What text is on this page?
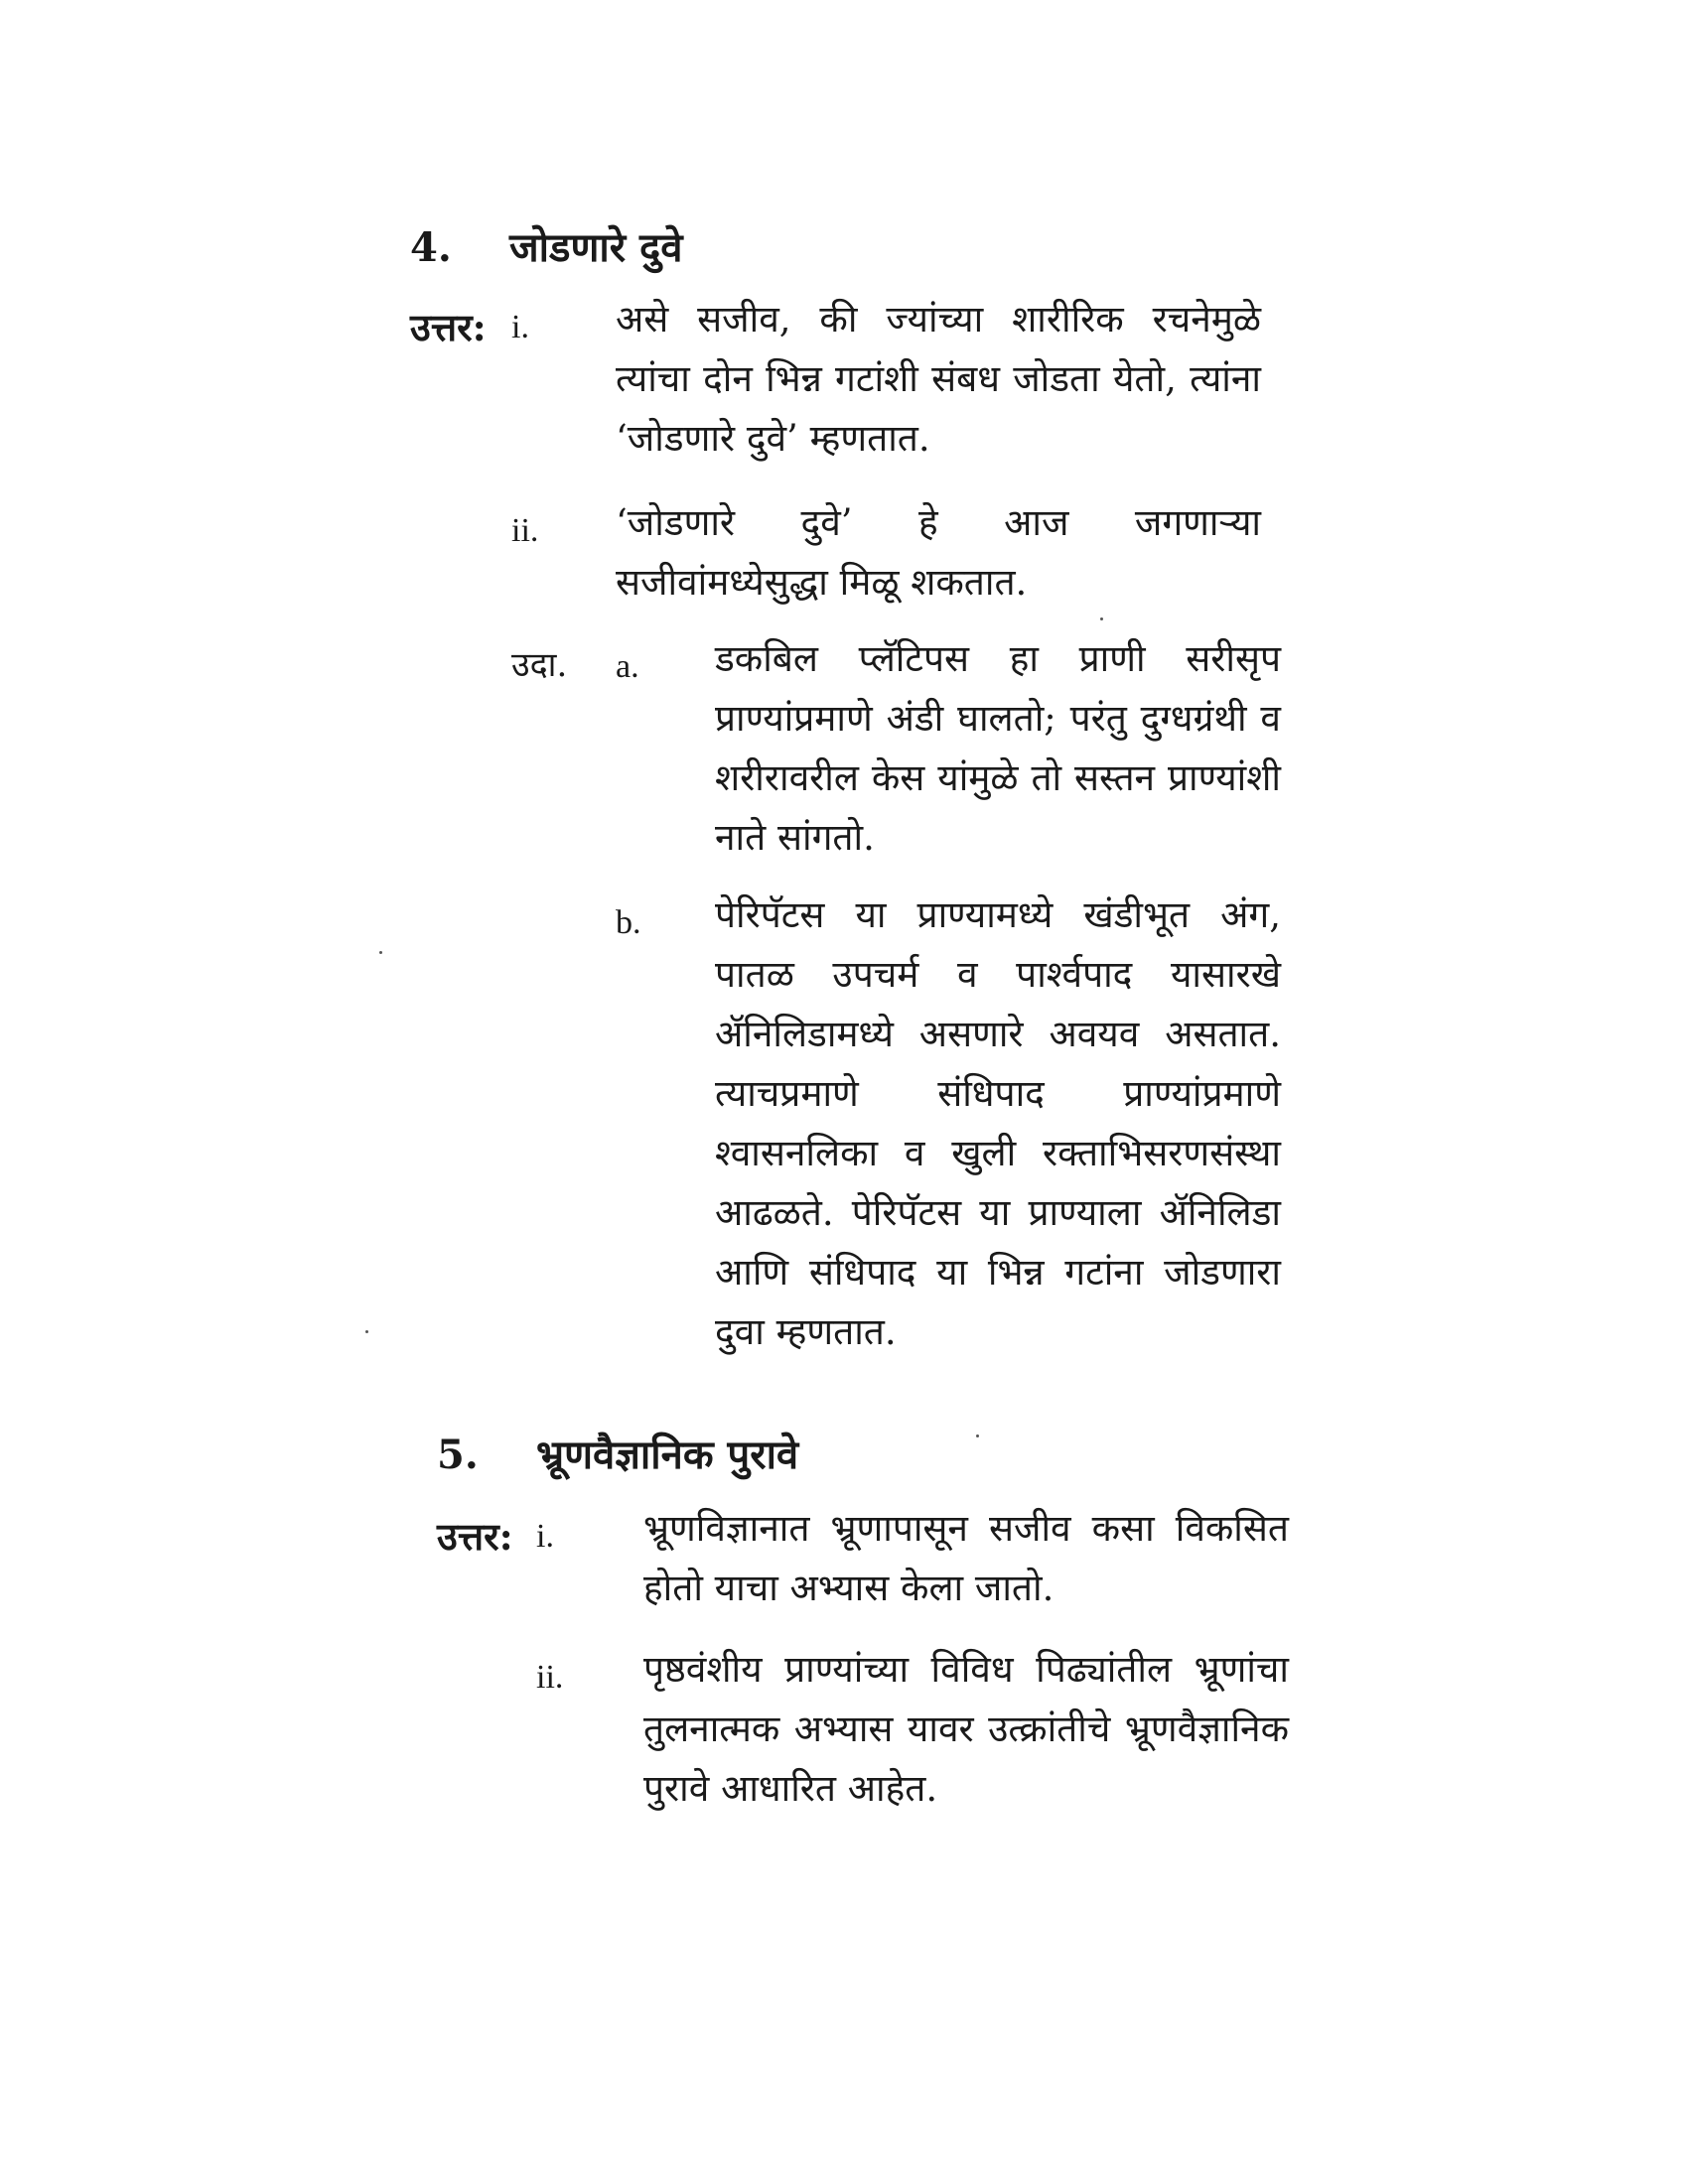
4. जोडणारे दुवे
उत्तर: i. असे सजीव, की ज्यांच्या शारीरिक रचनेमुळे त्यांचा दोन भिन्न गटांशी संबध जोडता येतो, त्यांना ‘जोडणारे दुवे’ म्हणतात.
ii. ‘जोडणारे दुवे’ हे आज जगणाऱ्या सजीवांमध्येसुद्धा मिळू शकतात.
उदा. a. डकबिल प्लॅटिपस हा प्राणी सरीसृप प्राण्यांप्रमाणे अंडी घालतो; परंतु दुग्धग्रंथी व शरीरावरील केस यांमुळे तो सस्तन प्राण्यांशी नाते सांगतो.
b. पेरिपॅटस या प्राण्यामध्ये खंडीभूत अंग, पातळ उपचर्म व पार्श्वपाद यासारखे ॲनिलिडामध्ये असणारे अवयव असतात. त्याचप्रमाणे संधिपाद प्राण्यांप्रमाणे श्वासनलिका व खुली रक्ताभिसरणसंस्था आढळते. पेरिपॅटस या प्राण्याला ॲनिलिडा आणि संधिपाद या भिन्न गटांना जोडणारा दुवा म्हणतात.
5. भ्रूणवैज्ञानिक पुरावे
उत्तर: i. भ्रूणविज्ञानात भ्रूणापासून सजीव कसा विकसित होतो याचा अभ्यास केला जातो.
ii. पृष्ठवंशीय प्राण्यांच्या विविध पिढ्यांतील भ्रूणांचा तुलनात्मक अभ्यास यावर उत्क्रांतीचे भ्रूणवैज्ञानिक पुरावे आधारित आहेत.
